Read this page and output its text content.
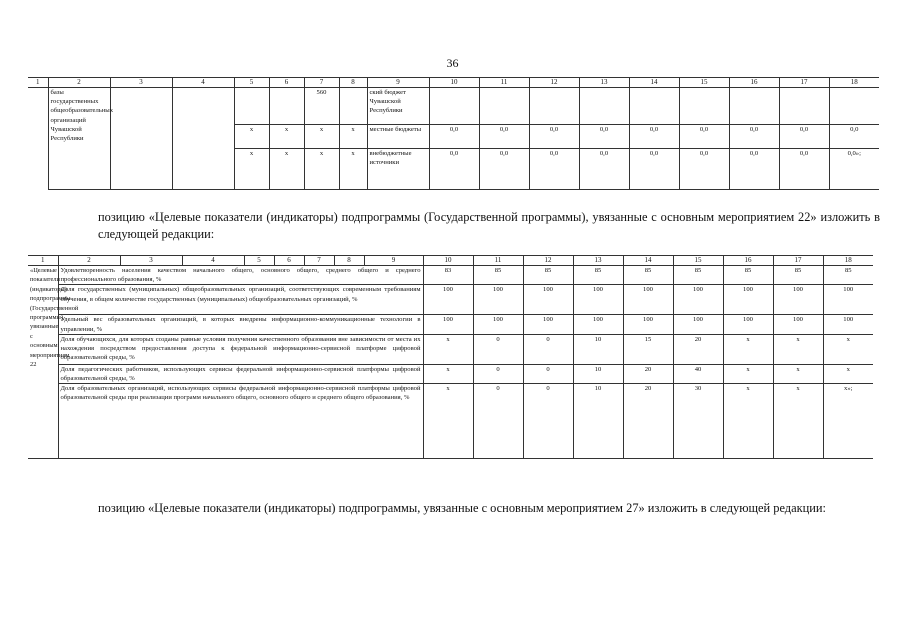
36
1	2	3	4	5	6	7	8	9	10	11	12	13	14	15	16	17	18
	базы государственных общеобразовательных организаций Чувашской Республики					560		ский бюджет Чувашской Республики									
				x	x	x	x	местные бюджеты	0,0	0,0	0,0	0,0	0,0	0,0	0,0	0,0	0,0
				x	x	x	x	внебюджетные источники	0,0	0,0	0,0	0,0	0,0	0,0	0,0	0,0	0,0»;
позицию «Целевые показатели (индикаторы) подпрограммы (Государственной программы), увязанные с основным мероприятием 22» изложить в следующей редакции:
1	2	3	4	5	6	7	8	9	10	11	12	13	14	15	16	17	18
«Целевые показатели (индикаторы) подпрограммы (Государственной программы), увязанные с основным мероприятием 22	Удовлетворенность населения качеством начального общего, основного общего, среднего общего и среднего профессионального образования, %								83	85	85	85	85	85	85	85	85
	Доля государственных (муниципальных) общеобразовательных организаций, соответствующих современным требованиям обучения, в общем количестве государственных (муниципальных) общеобразовательных организаций, %								100	100	100	100	100	100	100	100	100
	Удельный вес образовательных организаций, в которых внедрены информационно-коммуникационные технологии в управлении, %								100	100	100	100	100	100	100	100	100
	Доля обучающихся, для которых созданы равные условия получения качественного образования вне зависимости от места их нахождения посредством предоставления доступа к федеральной информационно-сервисной платформе цифровой образовательной среды, %								x	0	0	10	15	20	x	x	x
	Доля педагогических работников, использующих сервисы федеральной информационно-сервисной платформы цифровой образовательной среды, %								x	0	0	10	20	40	x	x	x
	Доля образовательных организаций, использующих сервисы федеральной информационно-сервисной платформы цифровой образовательной среды при реализации программ начального общего, основного общего и среднего общего образования, %								x	0	0	10	20	30	x	x	x»;
позицию «Целевые показатели (индикаторы) подпрограммы, увязанные с основным мероприятием 27» изложить в следующей редакции:
